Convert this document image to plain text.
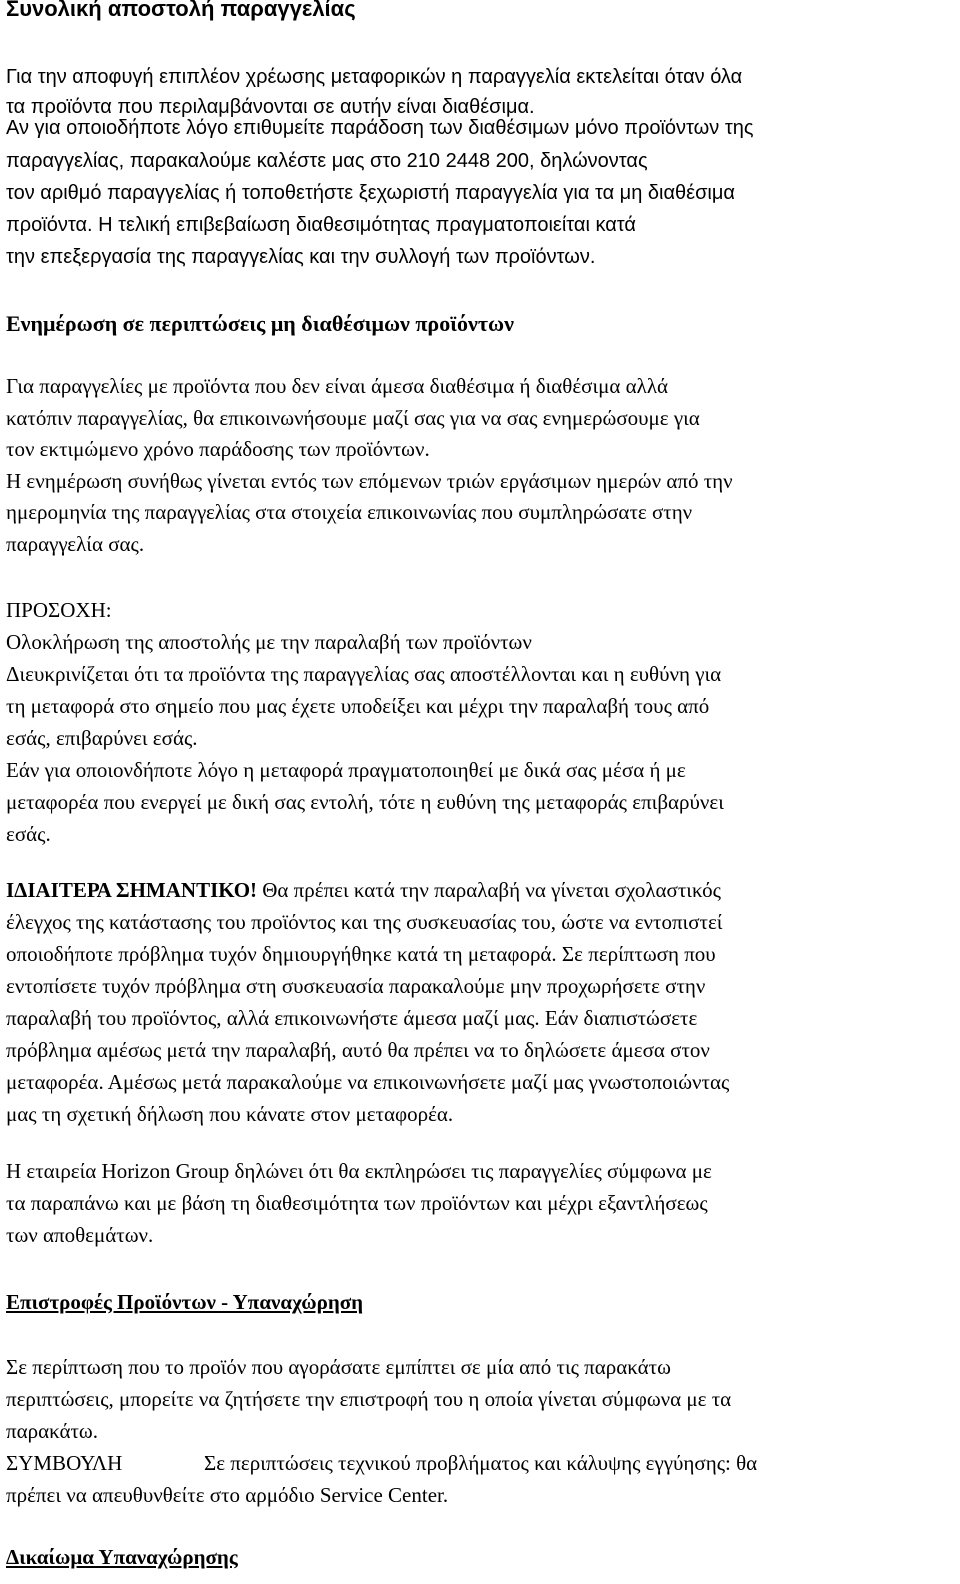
Συνολική αποστολή παραγγελίας
Για την αποφυγή επιπλέον χρέωσης μεταφορικών η παραγγελία εκτελείται όταν όλα
τα προϊόντα που περιλαμβάνονται σε αυτήν είναι διαθέσιμα.
Αν για οποιοδήποτε λόγο επιθυμείτε παράδοση των διαθέσιμων μόνο προϊόντων της
παραγγελίας, παρακαλούμε καλέστε μας στο 210 2448 200, δηλώνοντας
τον αριθμό παραγγελίας ή τοποθετήστε ξεχωριστή παραγγελία για τα μη διαθέσιμα
προϊόντα. Η τελική επιβεβαίωση διαθεσιμότητας πραγματοποιείται κατά
την επεξεργασία της παραγγελίας και την συλλογή των προϊόντων.
Ενημέρωση σε περιπτώσεις μη διαθέσιμων προϊόντων
Για παραγγελίες με προϊόντα που δεν είναι άμεσα διαθέσιμα ή διαθέσιμα αλλά
κατόπιν παραγγελίας, θα επικοινωνήσουμε μαζί σας για να σας ενημερώσουμε για
τον εκτιμώμενο χρόνο παράδοσης των προϊόντων.
Η ενημέρωση συνήθως γίνεται εντός των επόμενων τριών εργάσιμων ημερών από την
ημερομηνία της παραγγελίας στα στοιχεία επικοινωνίας που συμπληρώσατε στην
παραγγελία σας.
ΠΡΟΣΟΧΗ:
Ολοκλήρωση της αποστολής με την παραλαβή των προϊόντων
Διευκρινίζεται ότι τα προϊόντα της παραγγελίας σας αποστέλλονται και η ευθύνη για
τη μεταφορά στο σημείο που μας έχετε υποδείξει και μέχρι την παραλαβή τους από
εσάς, επιβαρύνει εσάς.
Εάν για οποιονδήποτε λόγο η μεταφορά πραγματοποιηθεί με δικά σας μέσα ή με
μεταφορέα που ενεργεί με δική σας εντολή, τότε η ευθύνη της μεταφοράς επιβαρύνει
εσάς.
ΙΔΙΑΙΤΕΡΑ ΣΗΜΑΝΤΙΚΟ! Θα πρέπει κατά την παραλαβή να γίνεται σχολαστικός
έλεγχος της κατάστασης του προϊόντος και της συσκευασίας του, ώστε να εντοπιστεί
οποιοδήποτε πρόβλημα τυχόν δημιουργήθηκε κατά τη μεταφορά. Σε περίπτωση που
εντοπίσετε τυχόν πρόβλημα στη συσκευασία παρακαλούμε μην προχωρήσετε στην
παραλαβή του προϊόντος, αλλά επικοινωνήστε άμεσα μαζί μας. Εάν διαπιστώσετε
πρόβλημα αμέσως μετά την παραλαβή, αυτό θα πρέπει να το δηλώσετε άμεσα στον
μεταφορέα. Αμέσως μετά παρακαλούμε να επικοινωνήσετε μαζί μας γνωστοποιώντας
μας τη σχετική δήλωση που κάνατε στον μεταφορέα.
Η εταιρεία Horizon Group δηλώνει ότι θα εκπληρώσει τις παραγγελίες σύμφωνα με
τα παραπάνω και με βάση τη διαθεσιμότητα των προϊόντων και μέχρι εξαντλήσεως
των αποθεμάτων.
Επιστροφές Προϊόντων - Υπαναχώρηση
Σε περίπτωση που το προϊόν που αγοράσατε εμπίπτει σε μία από τις παρακάτω
περιπτώσεις, μπορείτε να ζητήσετε την επιστροφή του η οποία γίνεται σύμφωνα με τα
παρακάτω.
ΣΥΜΒΟΥΛΗ	Σε περιπτώσεις τεχνικού προβλήματος και κάλυψης εγγύησης: θα
πρέπει να απευθυνθείτε στο αρμόδιο Service Center.
Δικαίωμα Υπαναχώρησης
